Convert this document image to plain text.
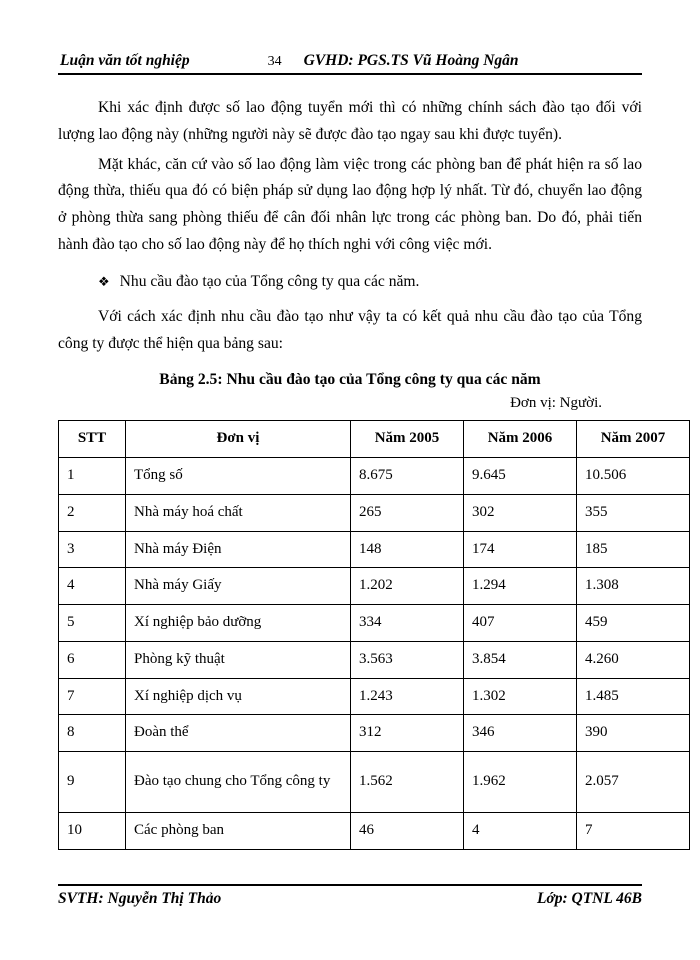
Luận văn tốt nghiệp	34 GVHD: PGS.TS Vũ Hoàng Ngân

Khi xác định được số lao động tuyển mới thì có những chính sách đào tạo đối với lượng lao động này (những người này sẽ được đào tạo ngay sau khi được tuyển).

Mặt khác, căn cứ vào số lao động làm việc trong các phòng ban để phát hiện ra số lao động thừa, thiếu qua đó có biện pháp sử dụng lao động hợp lý nhất. Từ đó, chuyển lao động ở phòng thừa sang phòng thiếu để cân đối nhân lực trong các phòng ban. Do đó, phải tiến hành đào tạo cho số lao động này để họ thích nghi với công việc mới.

❖ Nhu cầu đào tạo của Tổng công ty qua các năm.

Với cách xác định nhu cầu đào tạo như vậy ta có kết quả nhu cầu đào tạo của Tổng công ty được thể hiện qua bảng sau:

Bảng 2.5: Nhu cầu đào tạo của Tổng công ty qua các năm
Đơn vị: Người.
STT	Đơn vị	Năm 2005	Năm 2006	Năm 2007
1	Tổng số	8.675	9.645	10.506
2	Nhà máy hoá chất	265	302	355
3	Nhà máy Điện	148	174	185
4	Nhà máy Giấy	1.202	1.294	1.308
5	Xí nghiệp bảo dưỡng	334	407	459
6	Phòng kỹ thuật	3.563	3.854	4.260
7	Xí nghiệp dịch vụ	1.243	1.302	1.485
8	Đoàn thể	312	346	390
9	Đào tạo chung cho Tổng công ty	1.562	1.962	2.057
10	Các phòng ban	46	4	7
SVTH: Nguyễn Thị Thảo	Lớp: QTNL 46B
